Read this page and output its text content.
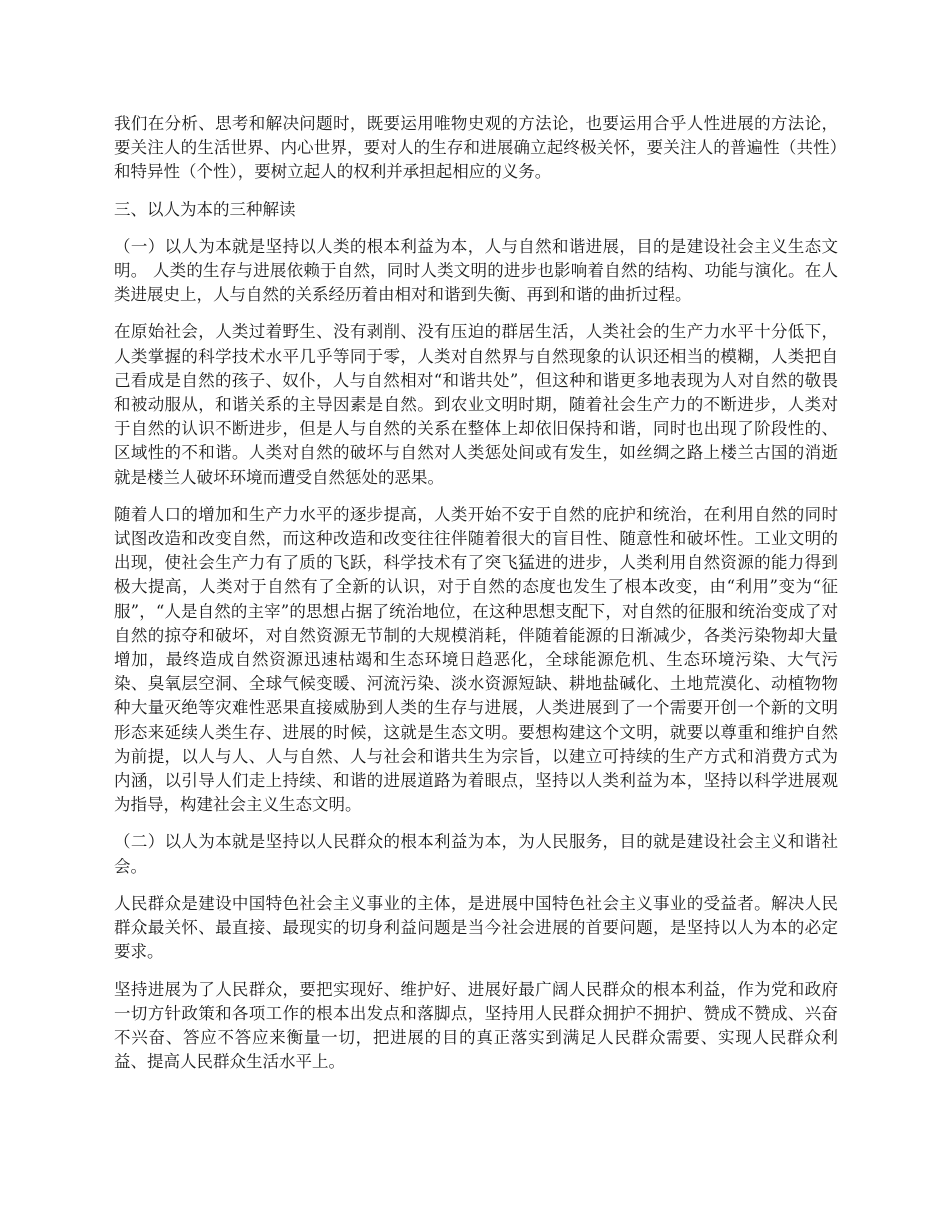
我们在分析、思考和解决问题时，既要运用唯物史观的方法论，也要运用合乎人性进展的方法论，要关注人的生活世界、内心世界，要对人的生存和进展确立起终极关怀，要关注人的普遍性（共性）和特异性（个性），要树立起人的权利并承担起相应的义务。

三、以人为本的三种解读

（一）以人为本就是坚持以人类的根本利益为本，人与自然和谐进展，目的是建设社会主义生态文明。 人类的生存与进展依赖于自然，同时人类文明的进步也影响着自然的结构、功能与演化。在人类进展史上，人与自然的关系经历着由相对和谐到失衡、再到和谐的曲折过程。

在原始社会，人类过着野生、没有剥削、没有压迫的群居生活，人类社会的生产力水平十分低下，人类掌握的科学技术水平几乎等同于零，人类对自然界与自然现象的认识还相当的模糊，人类把自己看成是自然的孩子、奴仆，人与自然相对“和谐共处”，但这种和谐更多地表现为人对自然的敬畏和被动服从，和谐关系的主导因素是自然。到农业文明时期，随着社会生产力的不断进步，人类对于自然的认识不断进步，但是人与自然的关系在整体上却依旧保持和谐，同时也出现了阶段性的、区域性的不和谐。人类对自然的破坏与自然对人类惩处间或有发生，如丝绸之路上楼兰古国的消逝就是楼兰人破坏环境而遭受自然惩处的恶果。

随着人口的增加和生产力水平的逐步提高，人类开始不安于自然的庇护和统治，在利用自然的同时试图改造和改变自然，而这种改造和改变往往伴随着很大的盲目性、随意性和破坏性。工业文明的出现，使社会生产力有了质的飞跃，科学技术有了突飞猛进的进步，人类利用自然资源的能力得到极大提高，人类对于自然有了全新的认识，对于自然的态度也发生了根本改变，由“利用”变为“征服”，“人是自然的主宰”的思想占据了统治地位，在这种思想支配下，对自然的征服和统治变成了对自然的掠夺和破坏，对自然资源无节制的大规模消耗，伴随着能源的日渐减少，各类污染物却大量增加，最终造成自然资源迅速枯竭和生态环境日趋恶化，全球能源危机、生态环境污染、大气污染、臭氧层空洞、全球气候变暖、河流污染、淡水资源短缺、耕地盐碱化、土地荒漠化、动植物物种大量灭绝等灾难性恶果直接威胁到人类的生存与进展，人类进展到了一个需要开创一个新的文明形态来延续人类生存、进展的时候，这就是生态文明。要想构建这个文明，就要以尊重和维护自然为前提，以人与人、人与自然、人与社会和谐共生为宗旨，以建立可持续的生产方式和消费方式为内涵，以引导人们走上持续、和谐的进展道路为着眼点，坚持以人类利益为本，坚持以科学进展观为指导，构建社会主义生态文明。

（二）以人为本就是坚持以人民群众的根本利益为本，为人民服务，目的就是建设社会主义和谐社会。

人民群众是建设中国特色社会主义事业的主体，是进展中国特色社会主义事业的受益者。解决人民群众最关怀、最直接、最现实的切身利益问题是当今社会进展的首要问题，是坚持以人为本的必定要求。

坚持进展为了人民群众，要把实现好、维护好、进展好最广阔人民群众的根本利益，作为党和政府一切方针政策和各项工作的根本出发点和落脚点，坚持用人民群众拥护不拥护、赞成不赞成、兴奋不兴奋、答应不答应来衡量一切，把进展的目的真正落实到满足人民群众需要、实现人民群众利益、提高人民群众生活水平上。
